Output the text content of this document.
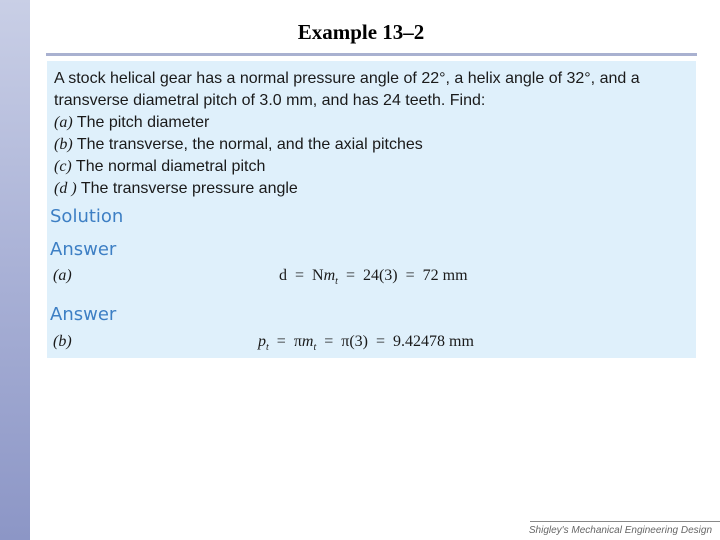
Example 13–2
A stock helical gear has a normal pressure angle of 22°, a helix angle of 32°, and a
transverse diametral pitch of 3.0 mm, and has 24 teeth. Find:
(a) The pitch diameter
(b) The transverse, the normal, and the axial pitches
(c) The normal diametral pitch
(d ) The transverse pressure angle
Solution
Answer
(a)	$d = Nm_t = 24(3) = 72$ mm
Answer
(b)	$p_t = \pi m_t = \pi(3) = 9.42478$ mm
Shigley's Mechanical Engineering Design
